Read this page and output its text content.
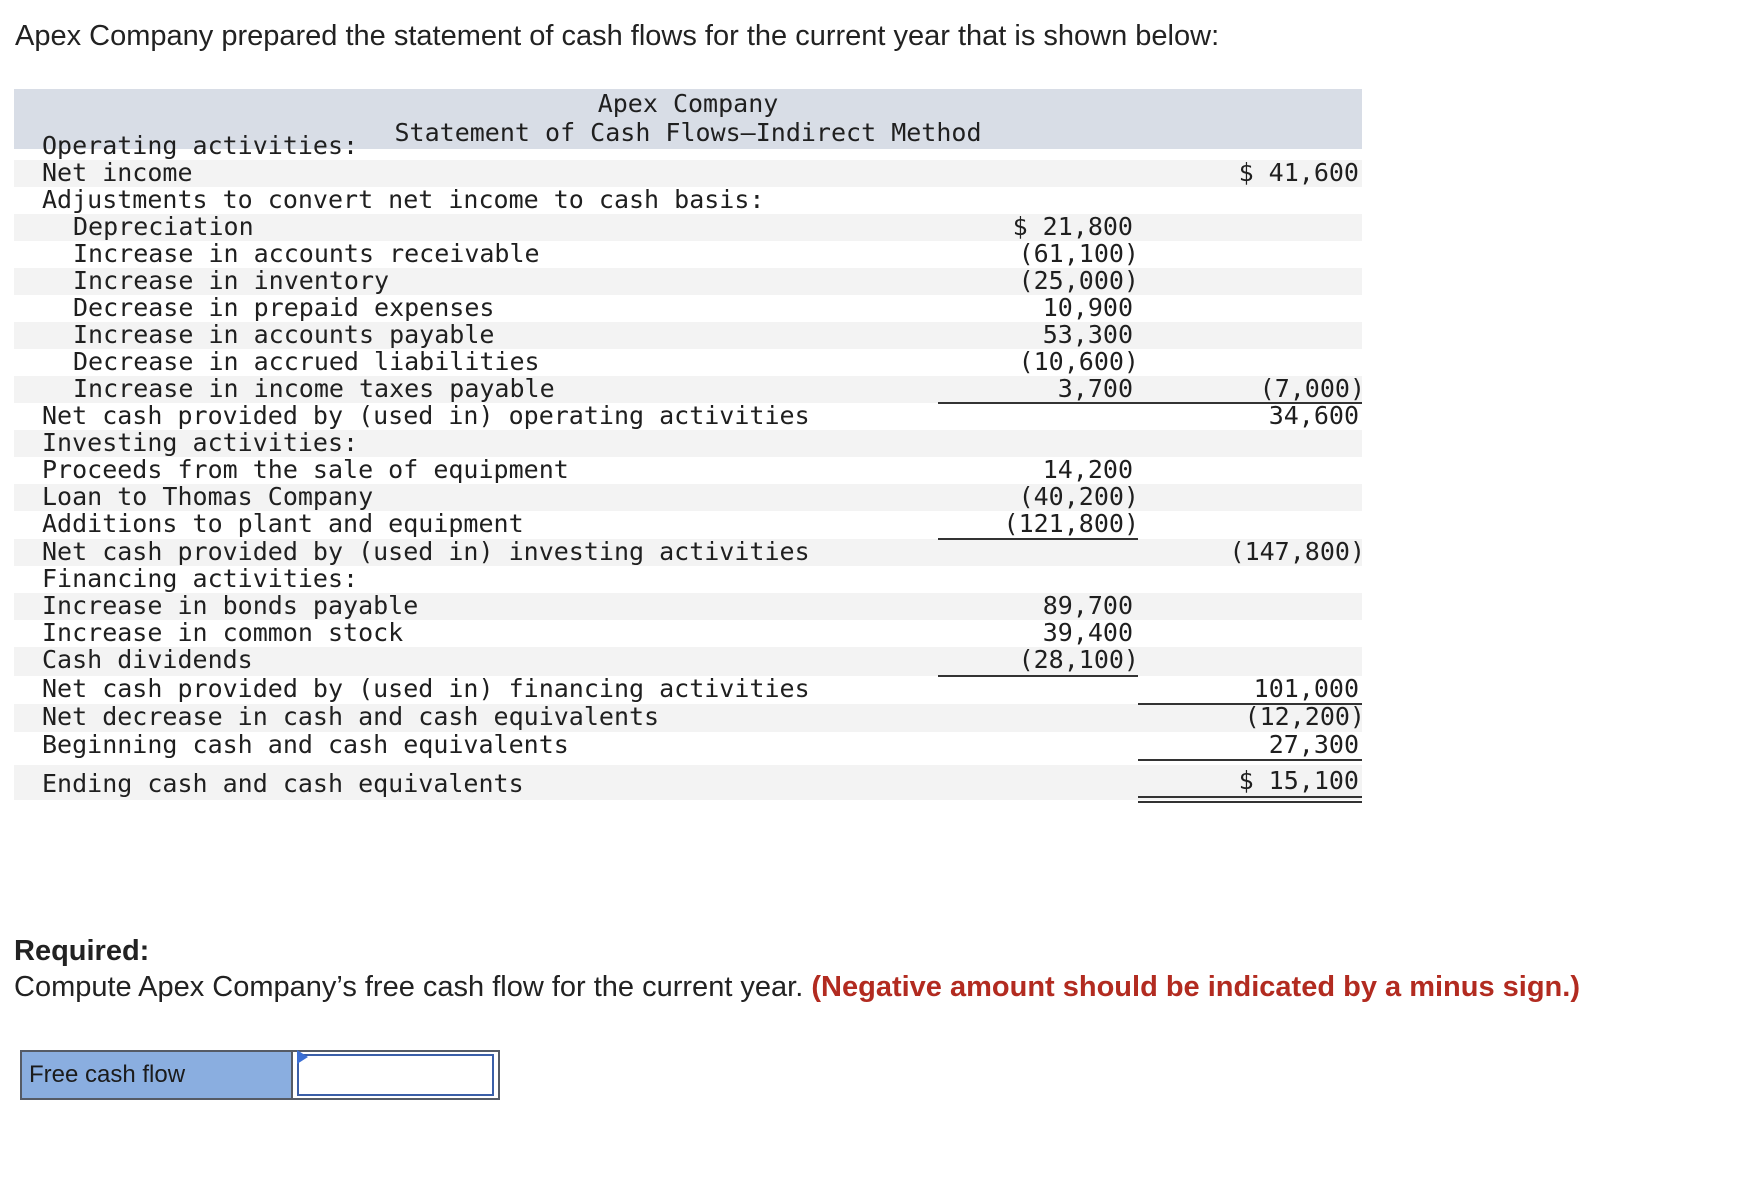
Apex Company prepared the statement of cash flows for the current year that is shown below:
Apex Company
Statement of Cash Flows—Indirect Method
Operating activities:
Net income	$ 41,600
Adjustments to convert net income to cash basis:
Depreciation	$ 21,800
Increase in accounts receivable	(61,100)
Increase in inventory	(25,000)
Decrease in prepaid expenses	10,900
Increase in accounts payable	53,300
Decrease in accrued liabilities	(10,600)
Increase in income taxes payable	3,700	(7,000)
Net cash provided by (used in) operating activities	34,600
Investing activities:
Proceeds from the sale of equipment	14,200
Loan to Thomas Company	(40,200)
Additions to plant and equipment	(121,800)
Net cash provided by (used in) investing activities	(147,800)
Financing activities:
Increase in bonds payable	89,700
Increase in common stock	39,400
Cash dividends	(28,100)
Net cash provided by (used in) financing activities	101,000
Net decrease in cash and cash equivalents	(12,200)
Beginning cash and cash equivalents	27,300
Ending cash and cash equivalents	$ 15,100
Required:
Compute Apex Company’s free cash flow for the current year. (Negative amount should be indicated by a minus sign.)
Free cash flow
